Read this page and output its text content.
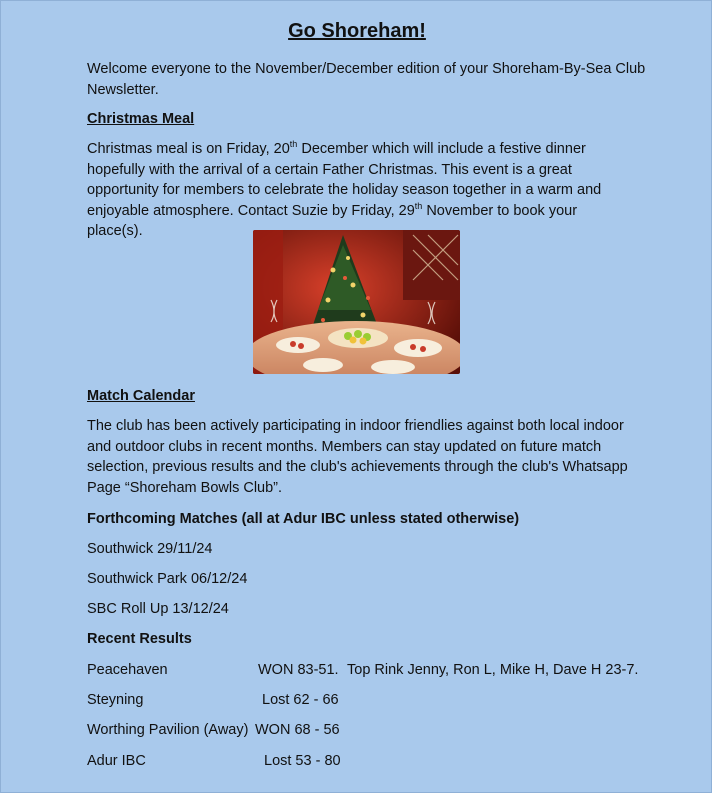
Go Shoreham!

Welcome everyone to the November/December edition of your Shoreham-By-Sea Club Newsletter.

Christmas Meal

Christmas meal is on Friday, 20th December which will include a festive dinner hopefully with the arrival of a certain Father Christmas. This event is a great opportunity for members to celebrate the holiday season together in a warm and enjoyable atmosphere. Contact Suzie by Friday, 29th November to book your place(s).

Match Calendar

The club has been actively participating in indoor friendlies against both local indoor and outdoor clubs in recent months. Members can stay updated on future match selection, previous results and the club's achievements through the club's Whatsapp Page “Shoreham Bowls Club”.

Forthcoming Matches (all at Adur IBC unless stated otherwise)

Southwick 29/11/24

Southwick Park 06/12/24

SBC Roll Up 13/12/24

Recent Results

Peacehaven	WON 83-51. Top Rink Jenny, Ron L, Mike H, Dave H 23-7.
Steyning	Lost 62 - 66
Worthing Pavilion (Away) WON 68 - 56
Adur IBC	Lost 53 - 80
